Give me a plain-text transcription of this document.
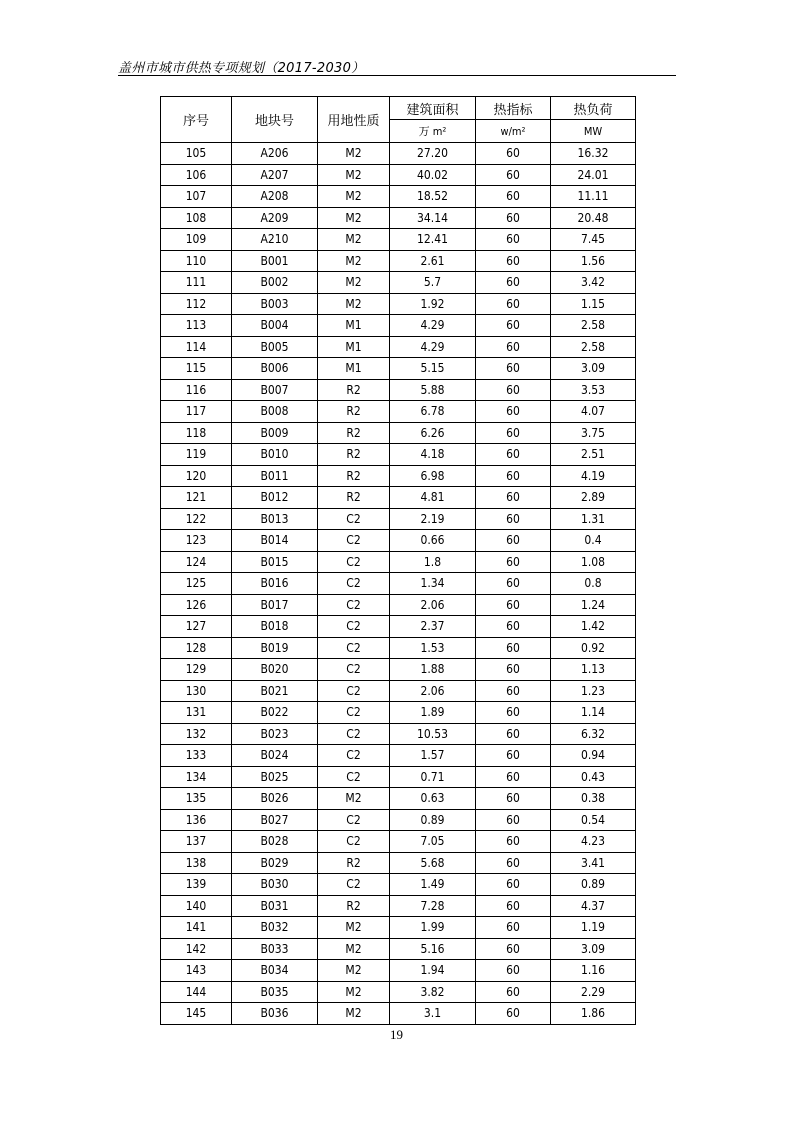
盖州市城市供热专项规划（2017-2030）
序号	地块号	用地性质	建筑面积	热指标	热负荷
			万 m²	w/m²	MW
105	A206	M2	27.20	60	16.32
106	A207	M2	40.02	60	24.01
107	A208	M2	18.52	60	11.11
108	A209	M2	34.14	60	20.48
109	A210	M2	12.41	60	7.45
110	B001	M2	2.61	60	1.56
111	B002	M2	5.7	60	3.42
112	B003	M2	1.92	60	1.15
113	B004	M1	4.29	60	2.58
114	B005	M1	4.29	60	2.58
115	B006	M1	5.15	60	3.09
116	B007	R2	5.88	60	3.53
117	B008	R2	6.78	60	4.07
118	B009	R2	6.26	60	3.75
119	B010	R2	4.18	60	2.51
120	B011	R2	6.98	60	4.19
121	B012	R2	4.81	60	2.89
122	B013	C2	2.19	60	1.31
123	B014	C2	0.66	60	0.4
124	B015	C2	1.8	60	1.08
125	B016	C2	1.34	60	0.8
126	B017	C2	2.06	60	1.24
127	B018	C2	2.37	60	1.42
128	B019	C2	1.53	60	0.92
129	B020	C2	1.88	60	1.13
130	B021	C2	2.06	60	1.23
131	B022	C2	1.89	60	1.14
132	B023	C2	10.53	60	6.32
133	B024	C2	1.57	60	0.94
134	B025	C2	0.71	60	0.43
135	B026	M2	0.63	60	0.38
136	B027	C2	0.89	60	0.54
137	B028	C2	7.05	60	4.23
138	B029	R2	5.68	60	3.41
139	B030	C2	1.49	60	0.89
140	B031	R2	7.28	60	4.37
141	B032	M2	1.99	60	1.19
142	B033	M2	5.16	60	3.09
143	B034	M2	1.94	60	1.16
144	B035	M2	3.82	60	2.29
145	B036	M2	3.1	60	1.86
19
